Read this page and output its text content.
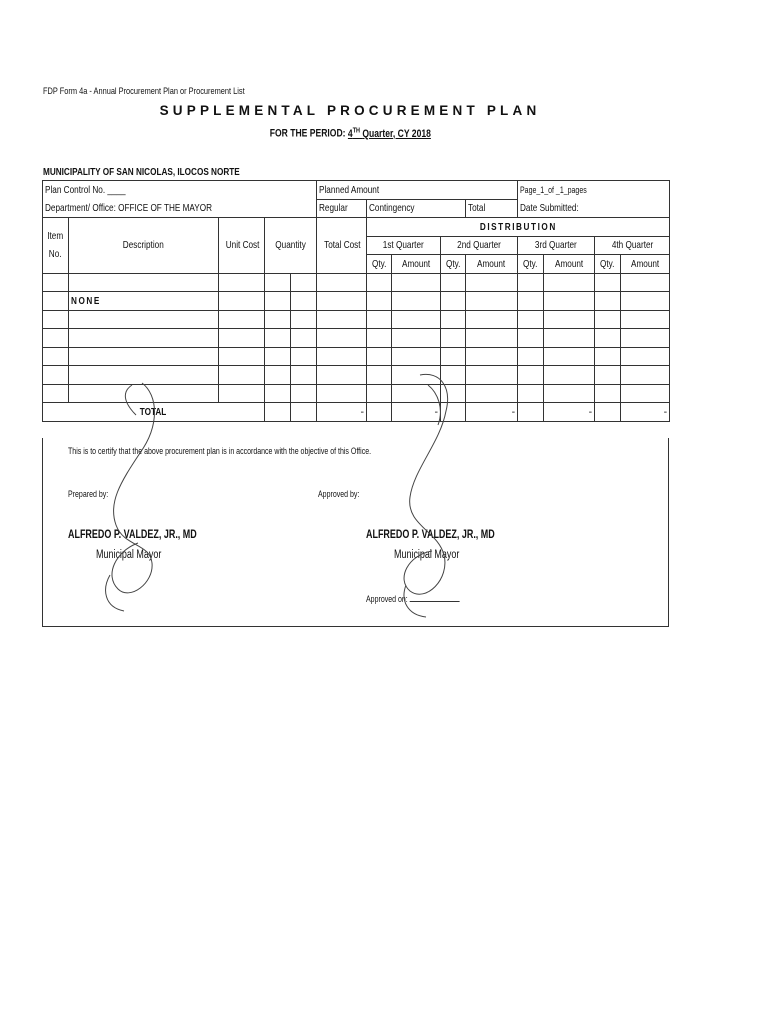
FDP Form 4a - Annual Procurement Plan or Procurement List
SUPPLEMENTAL PROCUREMENT PLAN
FOR THE PERIOD: 4TH Quarter, CY 2018
MUNICIPALITY OF SAN NICOLAS, ILOCOS NORTE
Plan Control No. ____					Planned Amount					Page_1_of _1_pages			
Department/ Office: OFFICE OF THE MAYOR					Regular	Contingency			Total	Date Submitted:			
Item
No.	Description	Unit Cost	Quantity		Total Cost	DISTRIBUTION							
						1st Quarter		2nd Quarter		3rd Quarter		4th Quarter	
						Qty.	Amount	Qty.	Amount	Qty.	Amount	Qty.	Amount

	NONE												

TOTAL					-		-		-		-		-
This is to certify that the above procurement plan is in accordance with the objective of this Office.
Prepared by:	Approved by:
ALFREDO P. VALDEZ, JR., MD
Municipal Mayor
ALFREDO P. VALDEZ, JR., MD
Municipal Mayor
Approved on:
